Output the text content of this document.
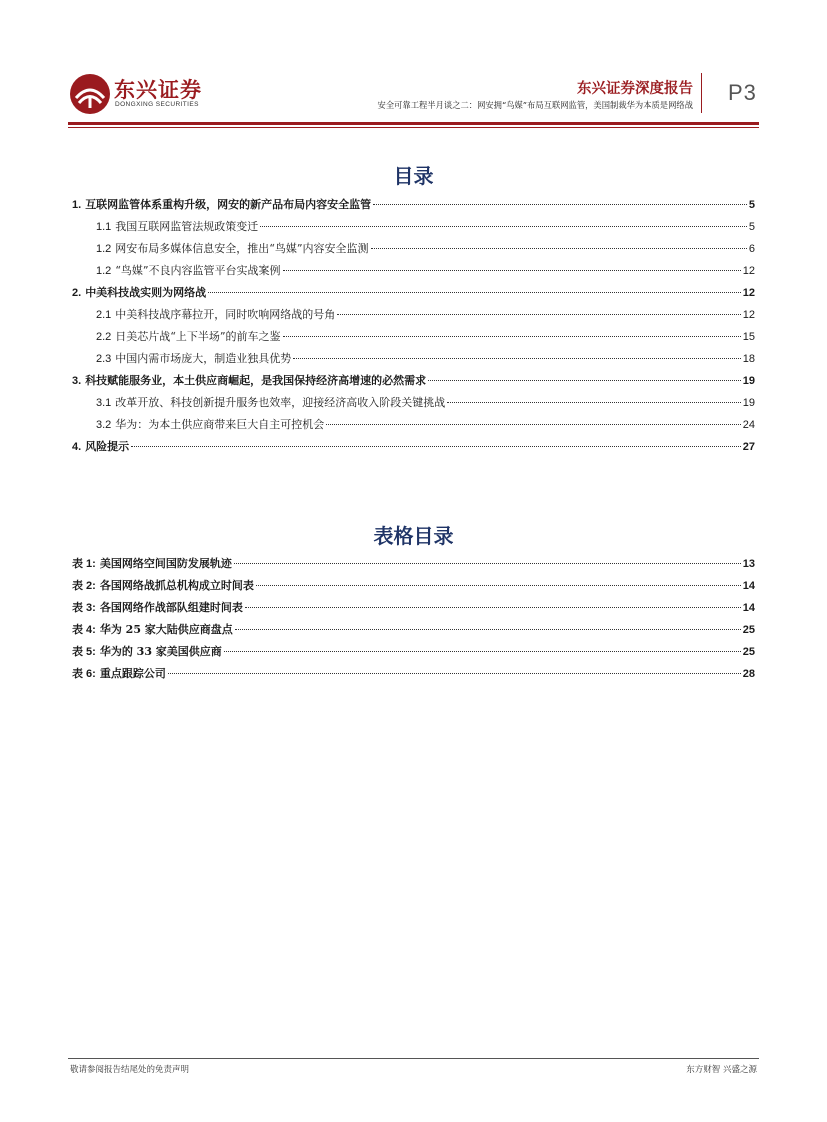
东兴证券
DONGXING SECURITIES
东兴证券深度报告
安全可靠工程半月谈之二：网安拥“鸟媒”布局互联网监管，美国制裁华为本质是网络战 P3
目录
1. 互联网监管体系重构升级，网安的新产品布局内容安全监管	5
1.1 我国互联网监管法规政策变迁	5
1.2 网安布局多媒体信息安全，推出“鸟媒”内容安全监测	6
1.2 “鸟媒”不良内容监管平台实战案例	12
2. 中美科技战实则为网络战	12
2.1 中美科技战序幕拉开，同时吹响网络战的号角	12
2.2 日美芯片战“上下半场”的前车之鉴	15
2.3 中国内需市场庞大，制造业独具优势	18
3. 科技赋能服务业，本土供应商崛起，是我国保持经济高增速的必然需求	19
3.1 改革开放、科技创新提升服务也效率，迎接经济高收入阶段关键挑战	19
3.2 华为：为本土供应商带来巨大自主可控机会	24
4. 风险提示	27
表格目录
表 1: 美国网络空间国防发展轨迹	13
表 2: 各国网络战抓总机构成立时间表	14
表 3: 各国网络作战部队组建时间表	14
表 4: 华为 25 家大陆供应商盘点	25
表 5: 华为的 33 家美国供应商	25
表 6: 重点跟踪公司	28
敬请参阅报告结尾处的免责声明	东方财智 兴盛之源
